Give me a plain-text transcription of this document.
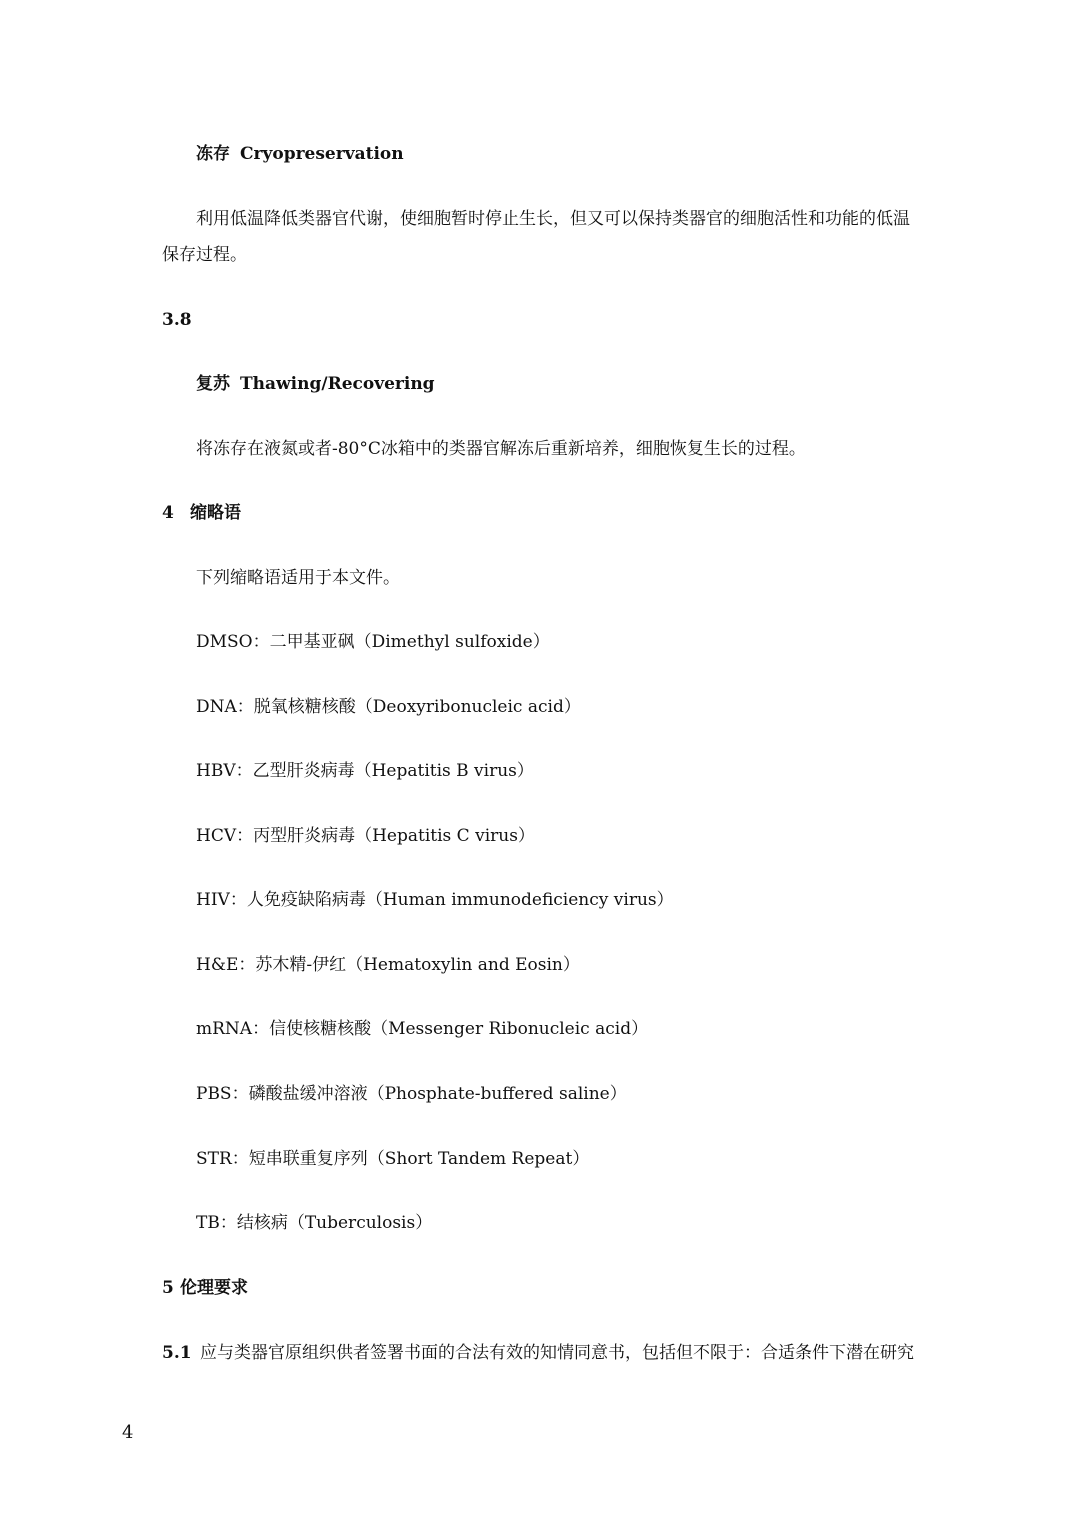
冻存 Cryopreservation
利用低温降低类器官代谢，使细胞暂时停止生长，但又可以保持类器官的细胞活性和功能的低温
保存过程。
3.8
复苏 Thawing/Recovering
将冻存在液氮或者-80°C冰箱中的类器官解冻后重新培养，细胞恢复生长的过程。
4 缩略语
下列缩略语适用于本文件。
DMSO：二甲基亚砜（Dimethyl sulfoxide）
DNA：脱氧核糖核酸（Deoxyribonucleic acid）
HBV：乙型肝炎病毒（Hepatitis B virus）
HCV：丙型肝炎病毒（Hepatitis C virus）
HIV：人免疫缺陷病毒（Human immunodeficiency virus）
H&E：苏木精-伊红（Hematoxylin and Eosin）
mRNA：信使核糖核酸（Messenger Ribonucleic acid）
PBS：磷酸盐缓冲溶液（Phosphate-buffered saline）
STR：短串联重复序列（Short Tandem Repeat）
TB：结核病（Tuberculosis）
5 伦理要求
5.1 应与类器官原组织供者签署书面的合法有效的知情同意书，包括但不限于：合适条件下潜在研究
4
